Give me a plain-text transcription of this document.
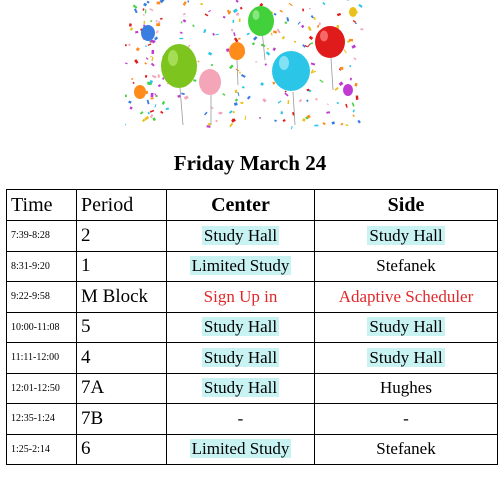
Friday March 24
Time	Period	Center	Side
7:39-8:28	2	Study Hall	Study Hall
8:31-9:20	1	Limited Study	Stefanek
9:22-9:58	M Block	Sign Up in	Adaptive Scheduler
10:00-11:08	5	Study Hall	Study Hall
11:11-12:00	4	Study Hall	Study Hall
12:01-12:50	7A	Study Hall	Hughes
12:35-1:24	7B	-	-
1:25-2:14	6	Limited Study	Stefanek
